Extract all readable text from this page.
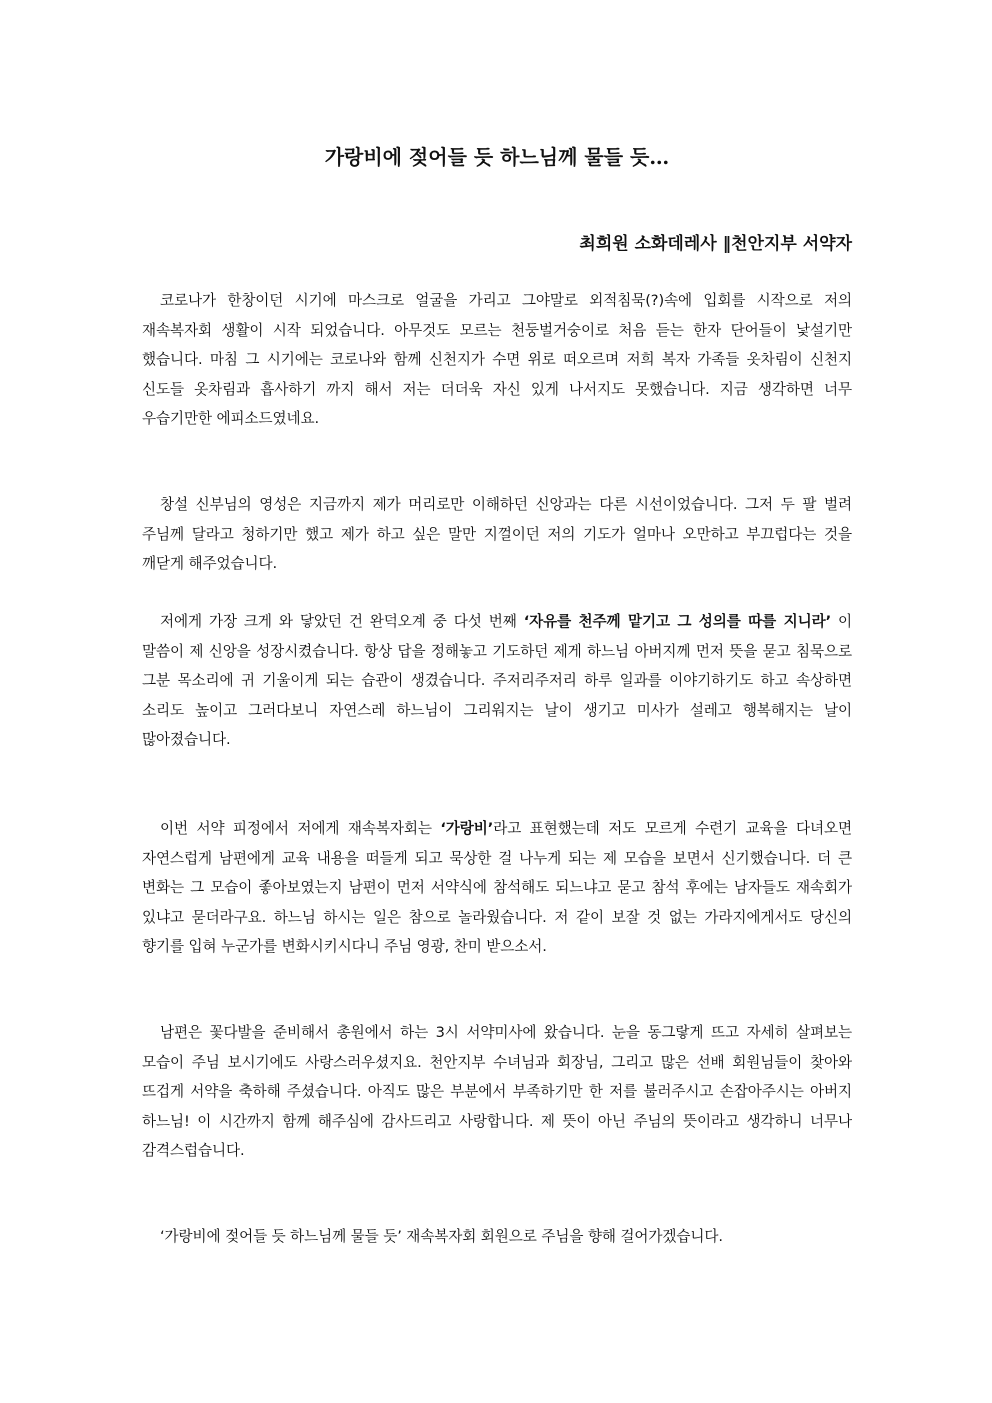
가랑비에 젖어들 듯 하느님께 물들 듯…

최희원 소화데레사 ‖천안지부 서약자

코로나가 한창이던 시기에 마스크로 얼굴을 가리고 그야말로 외적침묵(?)속에 입회를 시작으로 저의 재속복자회 생활이 시작 되었습니다. 아무것도 모르는 천둥벌거숭이로 처음 듣는 한자 단어들이 낯설기만 했습니다. 마침 그 시기에는 코로나와 함께 신천지가 수면 위로 떠오르며 저희 복자 가족들 옷차림이 신천지 신도들 옷차림과 흡사하기 까지 해서 저는 더더욱 자신 있게 나서지도 못했습니다. 지금 생각하면 너무 우습기만한 에피소드였네요.

창설 신부님의 영성은 지금까지 제가 머리로만 이해하던 신앙과는 다른 시선이었습니다. 그저 두 팔 벌려 주님께 달라고 청하기만 했고 제가 하고 싶은 말만 지껄이던 저의 기도가 얼마나 오만하고 부끄럽다는 것을 깨닫게 해주었습니다.

저에게 가장 크게 와 닿았던 건 완덕오계 중 다섯 번째 ‘자유를 천주께 맡기고 그 성의를 따를 지니라’ 이 말씀이 제 신앙을 성장시켰습니다. 항상 답을 정해놓고 기도하던 제게 하느님 아버지께 먼저 뜻을 묻고 침묵으로 그분 목소리에 귀 기울이게 되는 습관이 생겼습니다. 주저리주저리 하루 일과를 이야기하기도 하고 속상하면 소리도 높이고 그러다보니 자연스레 하느님이 그리워지는 날이 생기고 미사가 설레고 행복해지는 날이 많아졌습니다.

이번 서약 피정에서 저에게 재속복자회는 ‘가랑비’라고 표현했는데 저도 모르게 수련기 교육을 다녀오면 자연스럽게 남편에게 교육 내용을 떠들게 되고 묵상한 걸 나누게 되는 제 모습을 보면서 신기했습니다. 더 큰 변화는 그 모습이 좋아보였는지 남편이 먼저 서약식에 참석해도 되느냐고 묻고 참석 후에는 남자들도 재속회가 있냐고 묻더라구요. 하느님 하시는 일은 참으로 놀라웠습니다. 저 같이 보잘 것 없는 가라지에게서도 당신의 향기를 입혀 누군가를 변화시키시다니 주님 영광, 찬미 받으소서.

남편은 꽃다발을 준비해서 총원에서 하는 3시 서약미사에 왔습니다. 눈을 동그랗게 뜨고 자세히 살펴보는 모습이 주님 보시기에도 사랑스러우셨지요. 천안지부 수녀님과 회장님, 그리고 많은 선배 회원님들이 찾아와 뜨겁게 서약을 축하해 주셨습니다. 아직도 많은 부분에서 부족하기만 한 저를 불러주시고 손잡아주시는 아버지 하느님! 이 시간까지 함께 해주심에 감사드리고 사랑합니다. 제 뜻이 아닌 주님의 뜻이라고 생각하니 너무나 감격스럽습니다.

‘가랑비에 젖어들 듯 하느님께 물들 듯’ 재속복자회 회원으로 주님을 향해 걸어가겠습니다.
